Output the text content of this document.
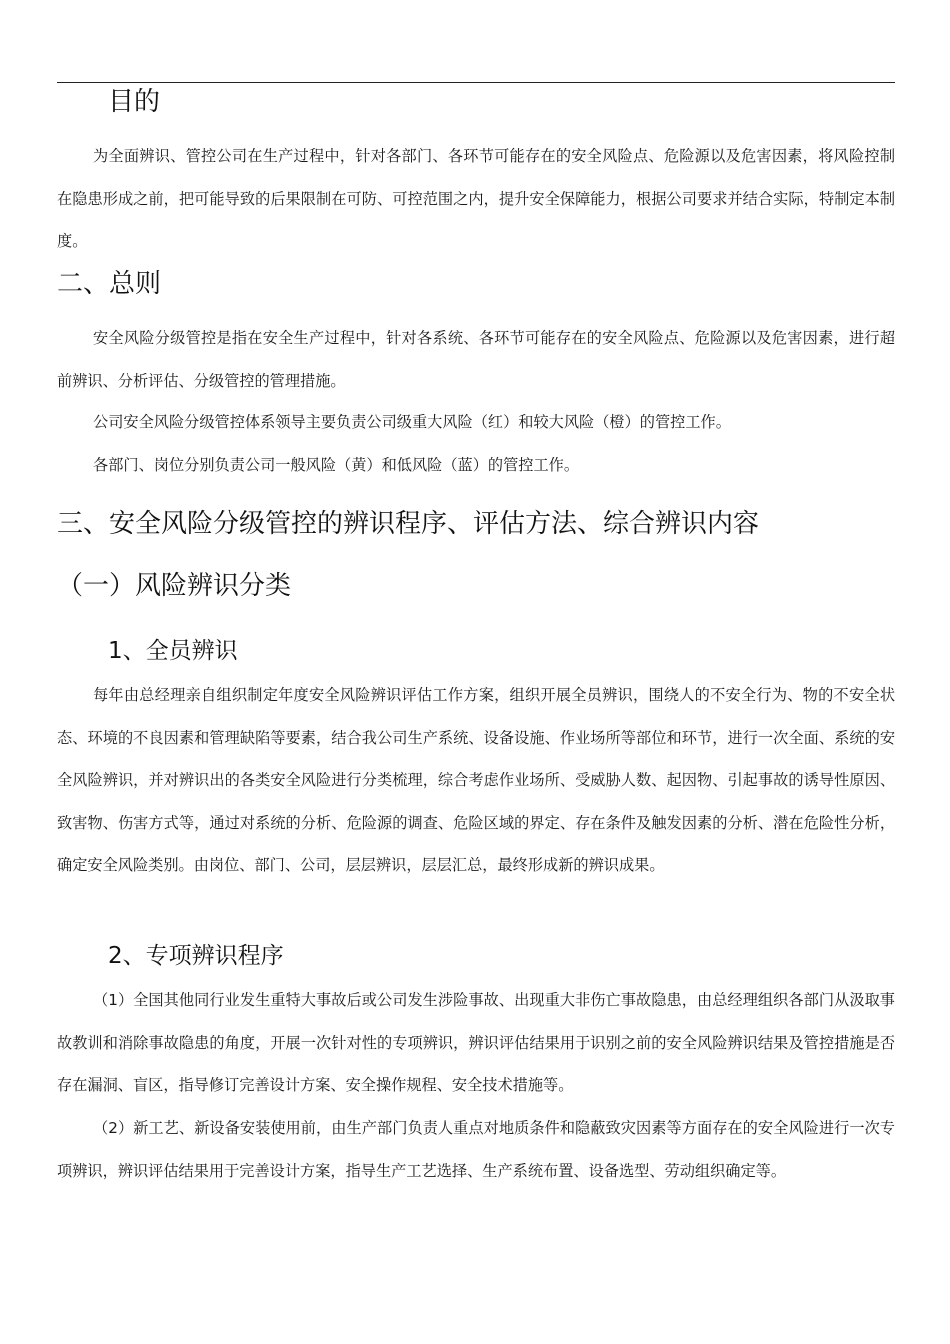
目的

为全面辨识、管控公司在生产过程中，针对各部门、各环节可能存在的安全风险点、危险源以及危害因素，将风险控制在隐患形成之前，把可能导致的后果限制在可防、可控范围之内，提升安全保障能力，根据公司要求并结合实际，特制定本制度。

二、总则

安全风险分级管控是指在安全生产过程中，针对各系统、各环节可能存在的安全风险点、危险源以及危害因素，进行超前辨识、分析评估、分级管控的管理措施。

公司安全风险分级管控体系领导主要负责公司级重大风险（红）和较大风险（橙）的管控工作。

各部门、岗位分别负责公司一般风险（黄）和低风险（蓝）的管控工作。

三、安全风险分级管控的辨识程序、评估方法、综合辨识内容
（一）风险辨识分类
1、全员辨识

每年由总经理亲自组织制定年度安全风险辨识评估工作方案，组织开展全员辨识，围绕人的不安全行为、物的不安全状态、环境的不良因素和管理缺陷等要素，结合我公司生产系统、设备设施、作业场所等部位和环节，进行一次全面、系统的安全风险辨识，并对辨识出的各类安全风险进行分类梳理，综合考虑作业场所、受威胁人数、起因物、引起事故的诱导性原因、致害物、伤害方式等，通过对系统的分析、危险源的调查、危险区域的界定、存在条件及触发因素的分析、潜在危险性分析，确定安全风险类别。由岗位、部门、公司，层层辨识，层层汇总，最终形成新的辨识成果。

2、专项辨识程序

（1）全国其他同行业发生重特大事故后或公司发生涉险事故、出现重大非伤亡事故隐患，由总经理组织各部门从汲取事故教训和消除事故隐患的角度，开展一次针对性的专项辨识，辨识评估结果用于识别之前的安全风险辨识结果及管控措施是否存在漏洞、盲区，指导修订完善设计方案、安全操作规程、安全技术措施等。

（2）新工艺、新设备安装使用前，由生产部门负责人重点对地质条件和隐蔽致灾因素等方面存在的安全风险进行一次专项辨识，辨识评估结果用于完善设计方案，指导生产工艺选择、生产系统布置、设备选型、劳动组织确定等。
